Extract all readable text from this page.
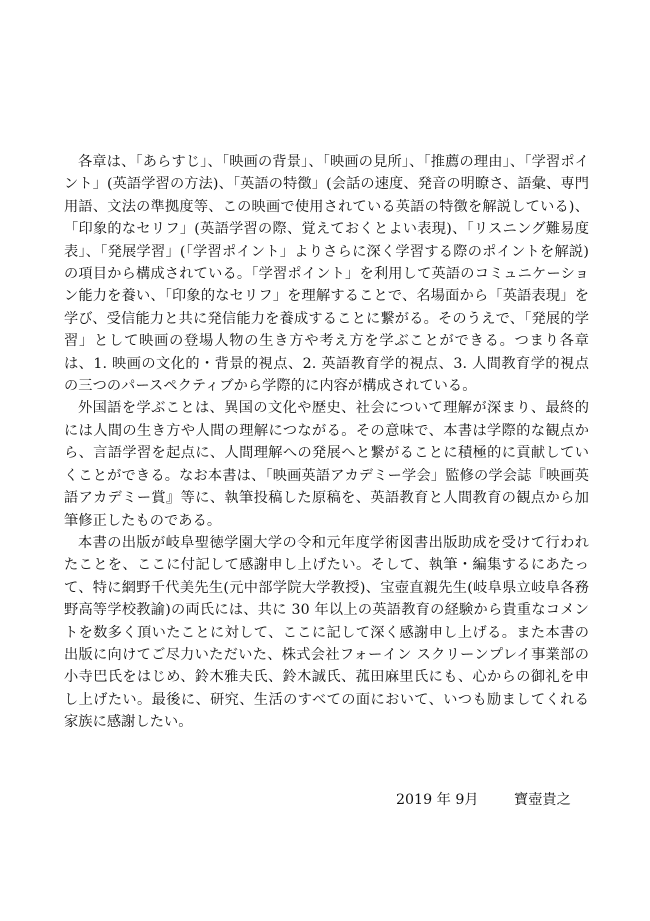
各章は、「あらすじ」、「映画の背景」、「映画の見所」、「推薦の理由」、「学習ポイント」(英語学習の方法)、「英語の特徴」(会話の速度、発音の明瞭さ、語彙、専門用語、文法の準拠度等、この映画で使用されている英語の特徴を解説している)、「印象的なセリフ」(英語学習の際、覚えておくとよい表現)、「リスニング難易度表」、「発展学習」(「学習ポイント」よりさらに深く学習する際のポイントを解説)の項目から構成されている。「学習ポイント」を利用して英語のコミュニケーション能力を養い、「印象的なセリフ」を理解することで、名場面から「英語表現」を学び、受信能力と共に発信能力を養成することに繋がる。そのうえで、「発展的学習」として映画の登場人物の生き方や考え方を学ぶことができる。つまり各章は、1. 映画の文化的・背景的視点、2. 英語教育学的視点、3. 人間教育学的視点の三つのパースペクティブから学際的に内容が構成されている。

外国語を学ぶことは、異国の文化や歴史、社会について理解が深まり、最終的には人間の生き方や人間の理解につながる。その意味で、本書は学際的な観点から、言語学習を起点に、人間理解への発展へと繋がることに積極的に貢献していくことができる。なお本書は、「映画英語アカデミー学会」監修の学会誌『映画英語アカデミー賞』等に、執筆投稿した原稿を、英語教育と人間教育の観点から加筆修正したものである。

本書の出版が岐阜聖徳学園大学の令和元年度学術図書出版助成を受けて行われたことを、ここに付記して感謝申し上げたい。そして、執筆・編集するにあたって、特に網野千代美先生(元中部学院大学教授)、宝壺直親先生(岐阜県立岐阜各務野高等学校教諭)の両氏には、共に 30 年以上の英語教育の経験から貴重なコメントを数多く頂いたことに対して、ここに記して深く感謝申し上げる。また本書の出版に向けてご尽力いただいた、株式会社フォーイン スクリーンプレイ事業部の小寺巴氏をはじめ、鈴木雅夫氏、鈴木誠氏、菰田麻里氏にも、心からの御礼を申し上げたい。最後に、研究、生活のすべての面において、いつも励ましてくれる家族に感謝したい。

2019 年 9月 寶壺貴之
